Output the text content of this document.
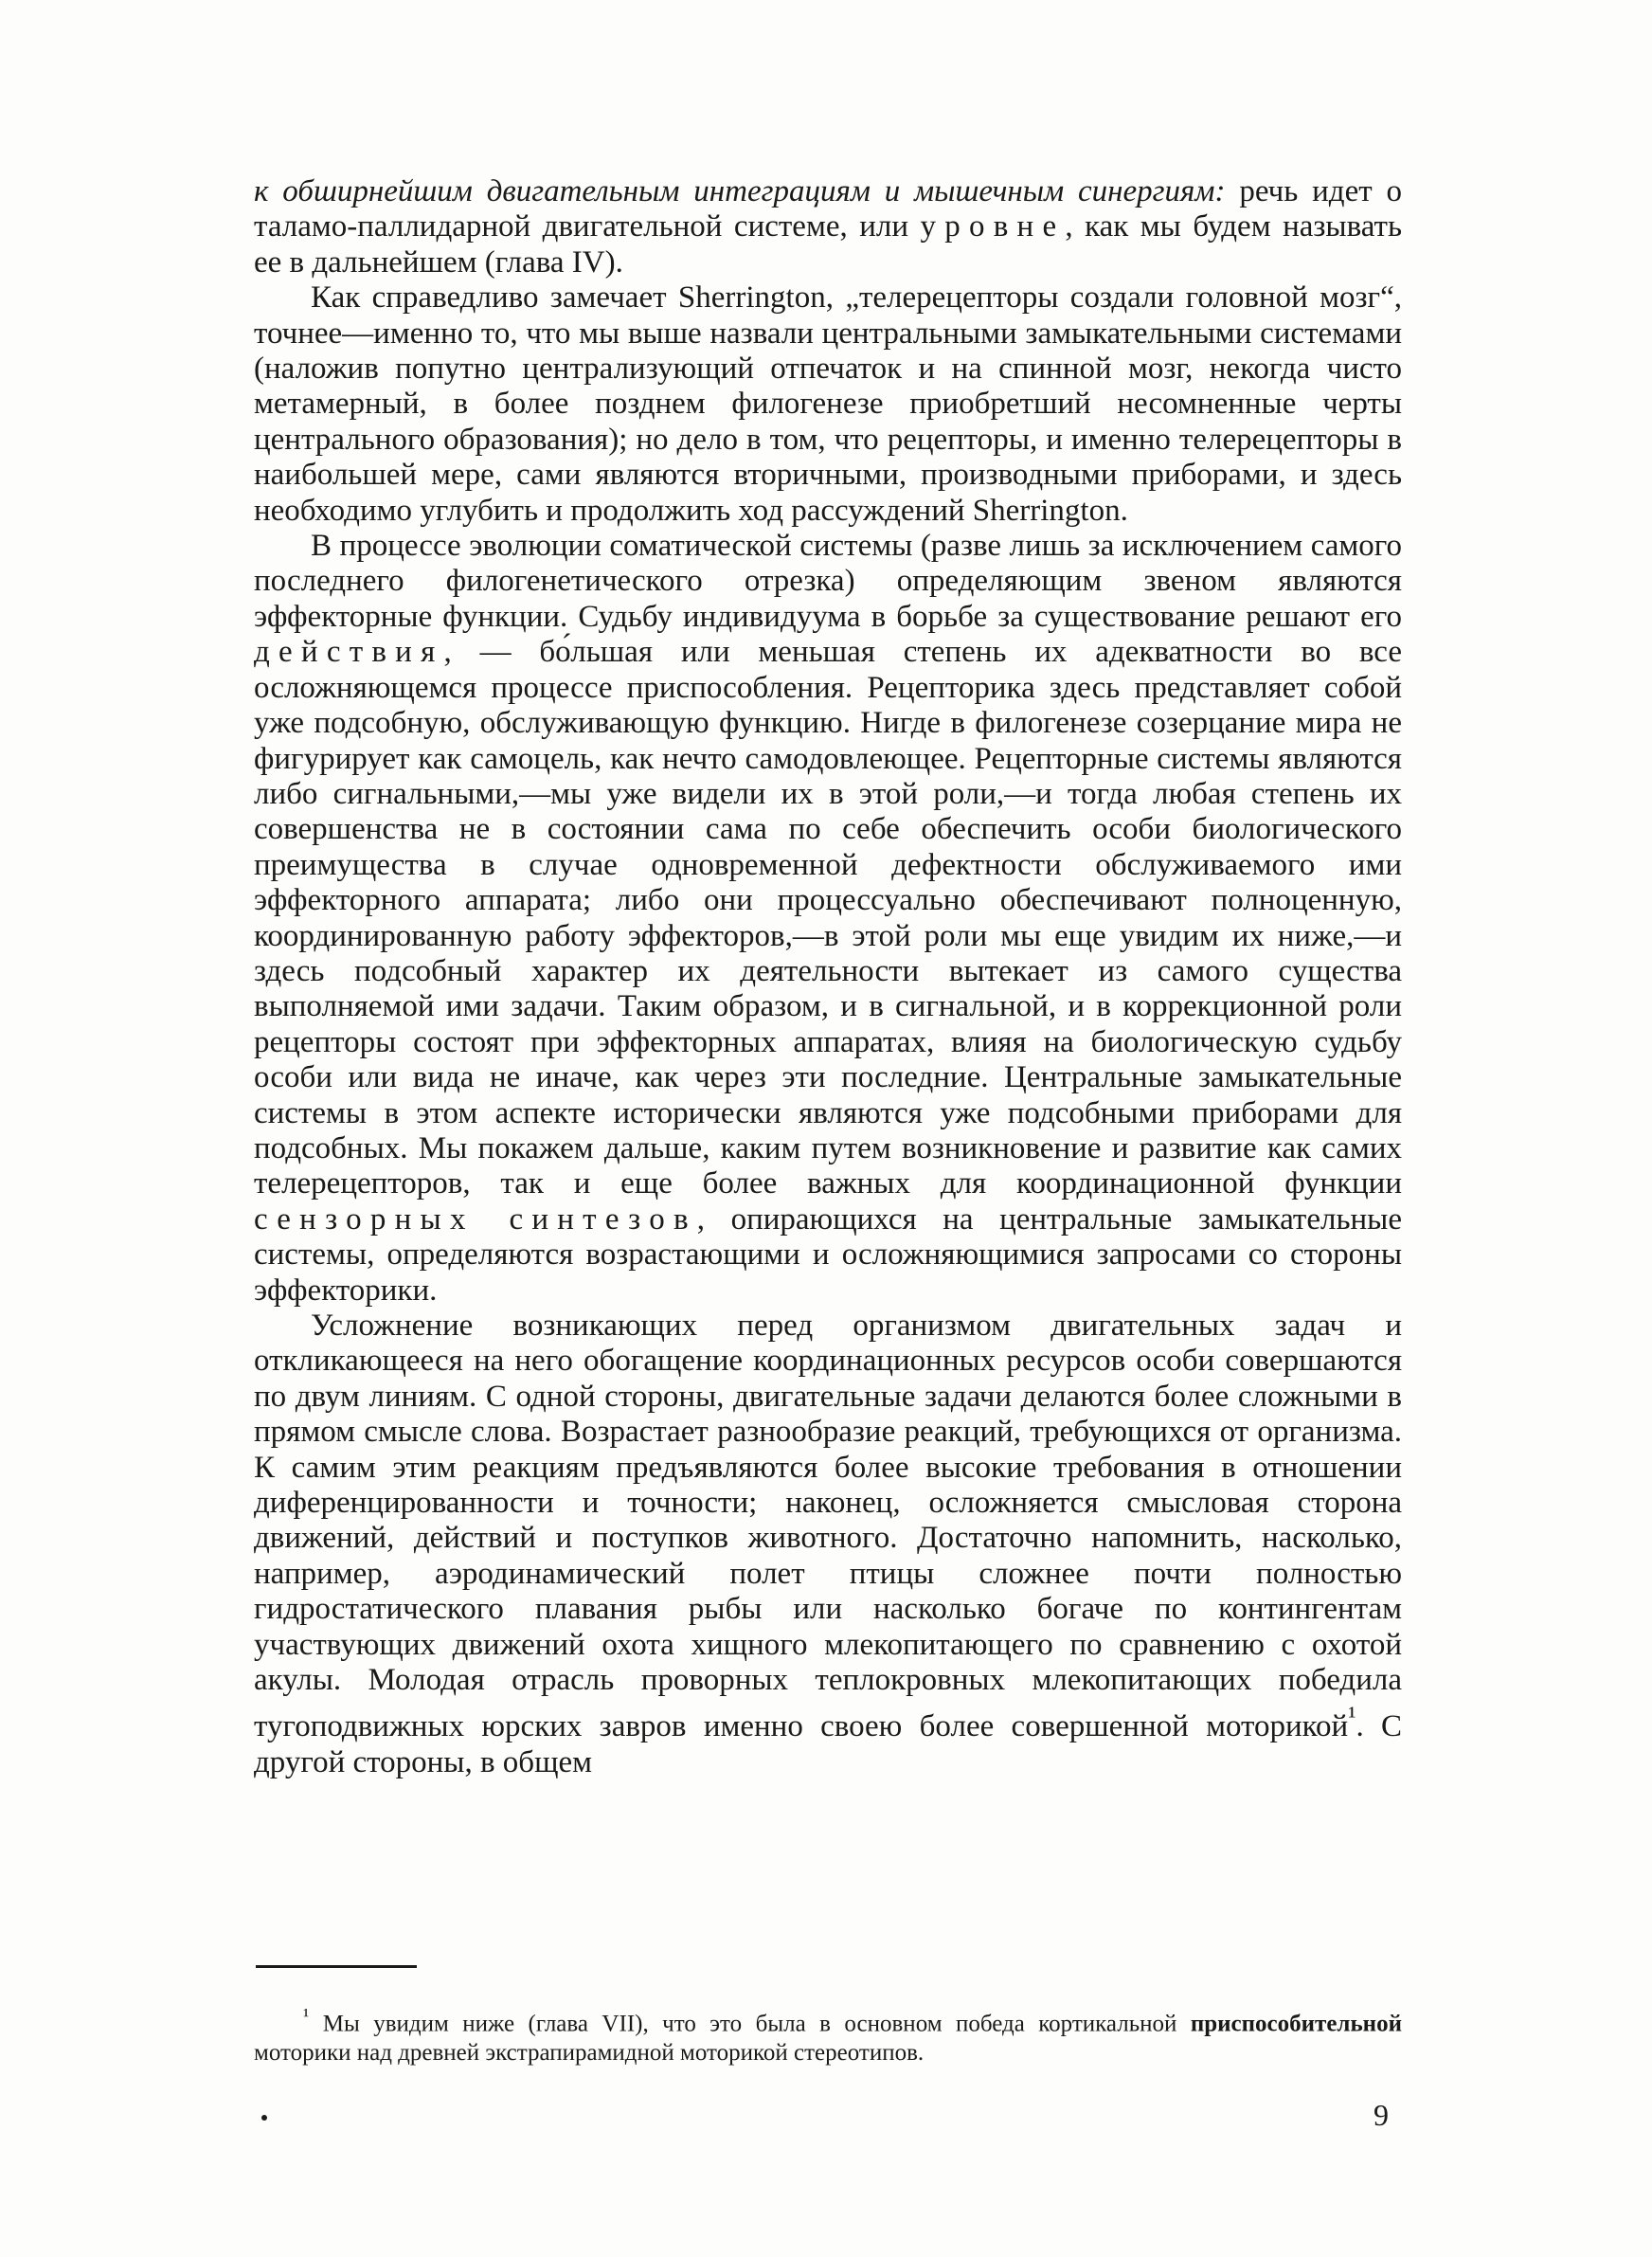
к обширнейшим двигательным интеграциям и мышечным синергиям: речь идет о таламо-паллидарной двигательной системе, или уровне, как мы будем называть ее в дальнейшем (глава IV).

Как справедливо замечает Sherrington, „телерецепторы создали головной мозг“, точнее—именно то, что мы выше назвали центральными замыкательными системами (наложив попутно централизующий отпечаток и на спинной мозг, некогда чисто метамерный, в более позднем филогенезе приобретший несомненные черты центрального образования); но дело в том, что рецепторы, и именно телерецепторы в наибольшей мере, сами являются вторичными, производными приборами, и здесь необходимо углубить и продолжить ход рассуждений Sherrington.

В процессе эволюции соматической системы (разве лишь за исключением самого последнего филогенетического отрезка) определяющим звеном являются эффекторные функции. Судьбу индивидуума в борьбе за существование решают его действия, — бо́льшая или меньшая степень их адекватности во все осложняющемся процессе приспособления. Рецепторика здесь представляет собой уже подсобную, обслуживающую функцию. Нигде в филогенезе созерцание мира не фигурирует как самоцель, как нечто самодовлеющее. Рецепторные системы являются либо сигнальными,—мы уже видели их в этой роли,—и тогда любая степень их совершенства не в состоянии сама по себе обеспечить особи биологического преимущества в случае одновременной дефектности обслуживаемого ими эффекторного аппарата; либо они процессуально обеспечивают полноценную, координированную работу эффекторов,—в этой роли мы еще увидим их ниже,—и здесь подсобный характер их деятельности вытекает из самого существа выполняемой ими задачи. Таким образом, и в сигнальной, и в коррекционной роли рецепторы состоят при эффекторных аппаратах, влияя на биологическую судьбу особи или вида не иначе, как через эти последние. Центральные замыкательные системы в этом аспекте исторически являются уже подсобными приборами для подсобных. Мы покажем дальше, каким путем возникновение и развитие как самих телерецепторов, так и еще более важных для координационной функции сензорных синтезов, опирающихся на центральные замыкательные системы, определяются возрастающими и осложняющимися запросами со стороны эффекторики.

Усложнение возникающих перед организмом двигательных задач и откликающееся на него обогащение координационных ресурсов особи совершаются по двум линиям. С одной стороны, двигательные задачи делаются более сложными в прямом смысле слова. Возрастает разнообразие реакций, требующихся от организма. К самим этим реакциям предъявляются более высокие требования в отношении диференцированности и точности; наконец, осложняется смысловая сторона движений, действий и поступков животного. Достаточно напомнить, насколько, например, аэродинамический полет птицы сложнее почти полностью гидростатического плавания рыбы или насколько богаче по контингентам участвующих движений охота хищного млекопитающего по сравнению с охотой акулы. Молодая отрасль проворных теплокровных млекопитающих победила тугоподвижных юрских завров именно своею более совершенной моторикой$^{^1}$. С другой стороны, в общем

$^{^1}$ Мы увидим ниже (глава VII), что это была в основном победа кортикальной приспособительной моторики над древней экстрапирамидной моторикой стереотипов.
9
